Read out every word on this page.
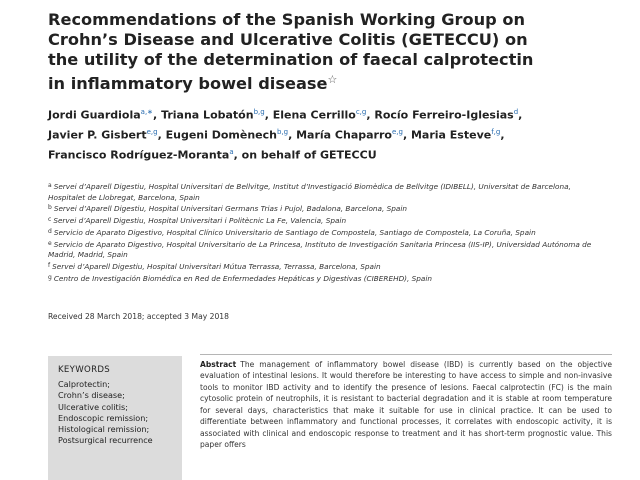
Recommendations of the Spanish Working Group on
Crohn’s Disease and Ulcerative Colitis (GETECCU) on
the utility of the determination of faecal calprotectin
in inflammatory bowel disease☆
Jordi Guardiola$^{a,∗}$, Triana Lobatón$^{b,g}$, Elena Cerrillo$^{c,g}$, Rocío Ferreiro-Iglesias$^d$,
Javier P. Gisbert$^{e,g}$, Eugeni Domènech$^{b,g}$, María Chaparro$^{e,g}$, Maria Esteve$^{f,g}$,
Francisco Rodríguez-Moranta$^a$, on behalf of GETECCU
$^a$ Servei d’Aparell Digestiu, Hospital Universitari de Bellvitge, Institut d’Investigació Biomèdica de Bellvitge (IDIBELL), Universitat de Barcelona, Hospitalet de Llobregat, Barcelona, Spain
$^b$ Servei d’Aparell Digestiu, Hospital Universitari Germans Trias i Pujol, Badalona, Barcelona, Spain
$^c$ Servei d’Aparell Digestiu, Hospital Universitari i Politècnic La Fe, Valencia, Spain
$^d$ Servicio de Aparato Digestivo, Hospital Clínico Universitario de Santiago de Compostela, Santiago de Compostela, La Coruña, Spain
$^e$ Servicio de Aparato Digestivo, Hospital Universitario de La Princesa, Instituto de Investigación Sanitaria Princesa (IIS-IP), Universidad Autónoma de Madrid, Madrid, Spain
$^f$ Servei d’Aparell Digestiu, Hospital Universitari Mútua Terrassa, Terrassa, Barcelona, Spain
$^g$ Centro de Investigación Biomédica en Red de Enfermedades Hepáticas y Digestivas (CIBEREHD), Spain
Received 28 March 2018; accepted 3 May 2018
KEYWORDS
Calprotectin;
Crohn’s disease;
Ulcerative colitis;
Endoscopic remission;
Histological remission;
Postsurgical recurrence
Abstract The management of inflammatory bowel disease (IBD) is currently based on the objective evaluation of intestinal lesions. It would therefore be interesting to have access to simple and non-invasive tools to monitor IBD activity and to identify the presence of lesions. Faecal calprotectin (FC) is the main cytosolic protein of neutrophils, it is resistant to bacterial degradation and it is stable at room temperature for several days, characteristics that make it suitable for use in clinical practice. It can be used to differentiate between inflammatory and functional processes, it correlates with endoscopic activity, it is associated with clinical and endoscopic response to treatment and it has short-term prognostic value. This paper offers
